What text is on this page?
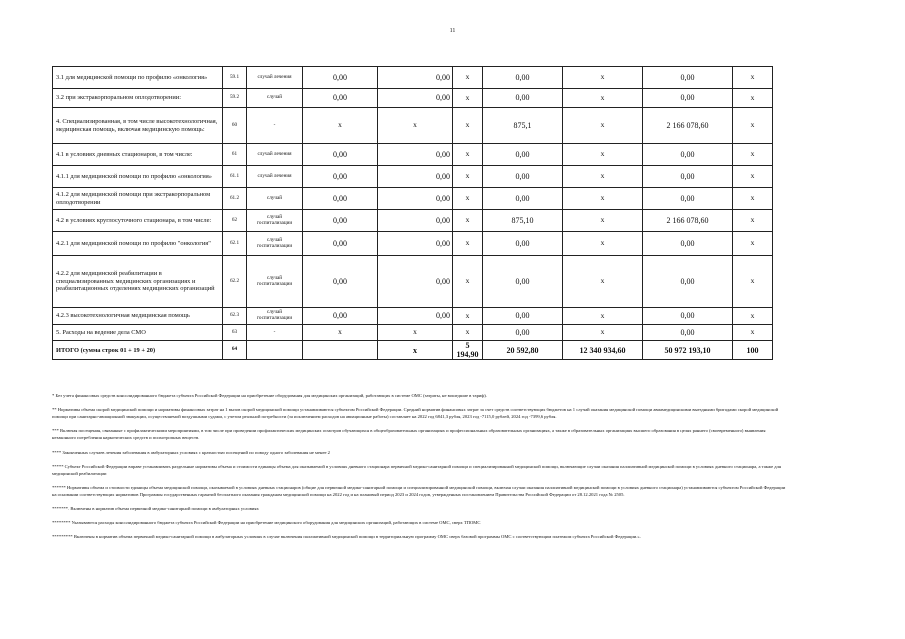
11
3.1 для медицинской помощи по профилю «онкология»	59.1	случай лечения	0,00	0,00	х	0,00	х	0,00	х
3.2 при экстракорпоральном оплодотворении:	59.2	случай	0,00	0,00	х	0,00	х	0,00	х
4. Специализированная, в том числе высокотехнологичная, медицинская помощь, включая медицинскую помощь:	60	-	х	х	х	875,1	х	2 166 078,60	х
4.1 в условиях дневных стационаров, в том числе:	61	случай лечения	0,00	0,00	х	0,00	х	0,00	х
4.1.1 для медицинской помощи по профилю «онкология»	61.1	случай лечения	0,00	0,00	х	0,00	х	0,00	х
4.1.2 для медицинской помощи при экстракорпоральном оплодотворении	61.2	случай	0,00	0,00	х	0,00	х	0,00	х
4.2 в условиях круглосуточного стационара, в том числе:	62	случай госпитализации	0,00	0,00	х	875,10	х	2 166 078,60	х
4.2.1 для медицинской помощи по профилю "онкология"	62.1	случай госпитализации	0,00	0,00	х	0,00	х	0,00	х
4.2.2 для медицинской реабилитации в специализированных медицинских организациях и реабилитационных отделениях медицинских организаций	62.2	случай госпитализации	0,00	0,00	х	0,00	х	0,00	х
4.2.3 высокотехнологичная медицинская помощь	62.3	случай госпитализации	0,00	0,00	х	0,00	х	0,00	х
5. Расходы на ведение дела СМО	63	-	х	х	х	0,00	х	0,00	х
ИТОГО (сумма строк 01 + 19 + 20)	64			х	5 194,90	20 592,80	12 340 934,60	50 972 193,10	100

* Без учета финансовых средств консолидированного бюджета субъекта Российской Федерации на приобретение оборудования для медицинских организаций, работающих в системе ОМС (затраты, не вошедшие в тариф).

** Нормативы объема скорой медицинской помощи и нормативы финансовых затрат на 1 вызов скорой медицинской помощи устанавливаются субъектом Российской Федерации. Средний норматив финансовых затрат за счет средств соответствующих бюджетов на 1 случай оказания медицинской помощи авиамедицинскими выездными бригадами скорой медицинской помощи при санитарно-авиационной эвакуации, осуществляемой воздушными судами, с учетом реальной потребности (за исключением расходов на авиационные работы) составляет на 2022 год 6841,3 рубля, 2023 год -7115,0 рублей, 2024 год -7399,6 рубля.

*** Включая посещения, связанные с профилактическими мероприятиями, в том числе при проведении профилактических медицинских осмотров обучающихся в общеобразовательных организациях и профессиональных образовательных организациях, а также в образовательных организациях высшего образования в целях раннего (своевременного) выявления незаконного потребления наркотических средств и психотропных веществ.

**** Законченных случаев лечения заболевания в амбулаторных условиях с кратностью посещений по поводу одного заболевания не менее 2

***** Субъект Российской Федерации вправе устанавливать раздельные нормативы объема и стоимости единицы объема для оказываемой в условиях дневного стационара первичной медико-санитарной помощи и специализированной медицинской помощи, включающие случаи оказания паллиативной медицинской помощи в условиях дневного стационара, а также для медицинской реабилитации

****** Нормативы объема и стоимости единицы объема медицинской помощи, оказываемой в условиях дневных стационаров (общие для первичной медико-санитарной помощи и специализированной медицинской помощи, включая случаи оказания паллиативной медицинской помощи в условиях дневного стационара) устанавливаются субъектом Российской Федерации на основании соответствующих нормативов Программы государственных гарантий бесплатного оказания гражданам медицинской помощи на 2022 год и на плановый период 2023 и 2024 годов, утвержденных постановлением Правительства Российской Федерации от 28.12.2021 года № 2505.

*******. Включены в норматив объема первичной медико-санитарной помощи в амбулаторных условиях

******** Указываются расходы консолидированного бюджета субъекта Российской Федерации на приобретение медицинского оборудования для медицинских организаций, работающих в системе ОМС, сверх ТПОМС

********* Включены в норматив объема первичной медико-санитарной помощи в амбулаторных условиях в случае включения паллиативной медицинской помощи в территориальную программу ОМС сверх базовой программы ОМС с соответствующим платежом субъекта Российской Федерации.».
